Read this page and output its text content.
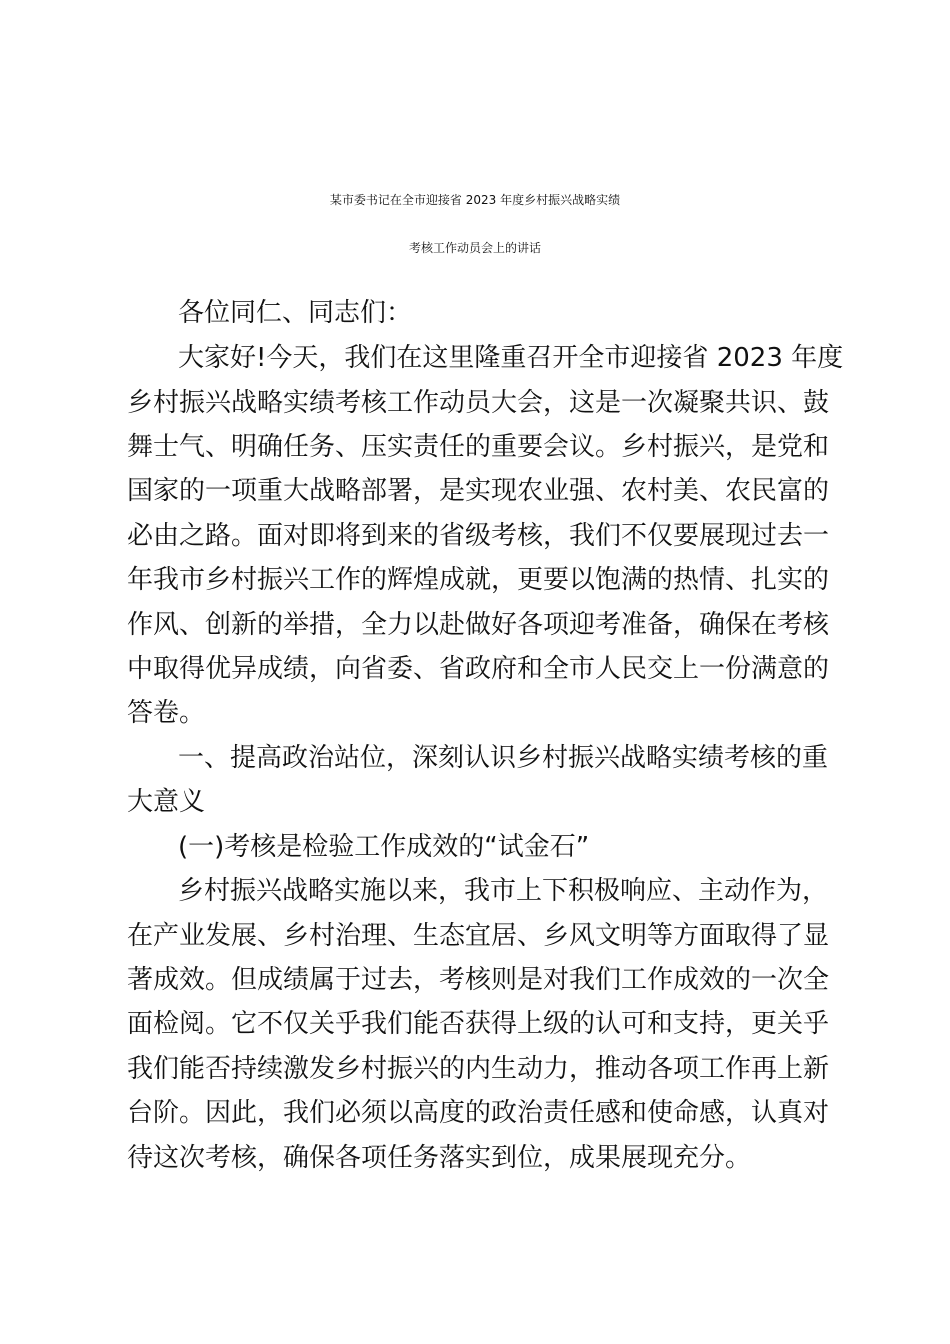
某市委书记在全市迎接省 2023 年度乡村振兴战略实绩
考核工作动员会上的讲话
各位同仁、同志们：
大家好!今天，我们在这里隆重召开全市迎接省 2023 年度
乡村振兴战略实绩考核工作动员大会，这是一次凝聚共识、鼓
舞士气、明确任务、压实责任的重要会议。乡村振兴，是党和
国家的一项重大战略部署，是实现农业强、农村美、农民富的
必由之路。面对即将到来的省级考核，我们不仅要展现过去一
年我市乡村振兴工作的辉煌成就，更要以饱满的热情、扎实的
作风、创新的举措，全力以赴做好各项迎考准备，确保在考核
中取得优异成绩，向省委、省政府和全市人民交上一份满意的
答卷。
一、提高政治站位，深刻认识乡村振兴战略实绩考核的重
大意义
(一)考核是检验工作成效的“试金石”
乡村振兴战略实施以来，我市上下积极响应、主动作为，
在产业发展、乡村治理、生态宜居、乡风文明等方面取得了显
著成效。但成绩属于过去，考核则是对我们工作成效的一次全
面检阅。它不仅关乎我们能否获得上级的认可和支持，更关乎
我们能否持续激发乡村振兴的内生动力，推动各项工作再上新
台阶。因此，我们必须以高度的政治责任感和使命感，认真对
待这次考核，确保各项任务落实到位，成果展现充分。
